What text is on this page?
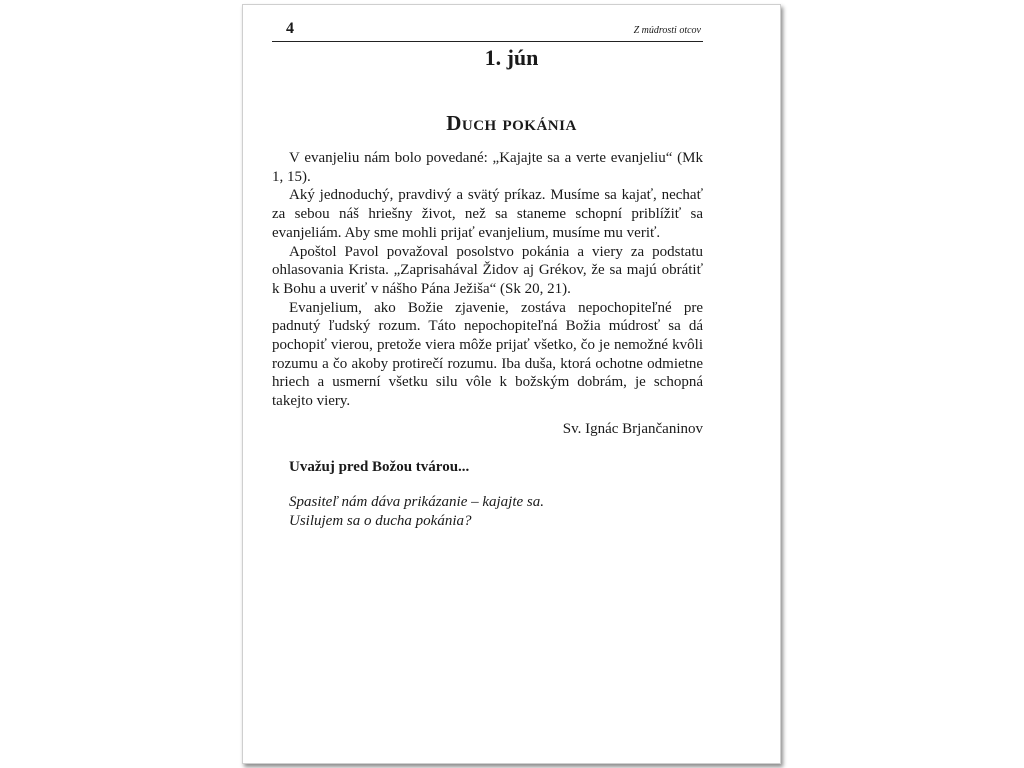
4	Z múdrosti otcov
1. jún
Duch pokánia

V evanjeliu nám bolo povedané: „Kajajte sa a verte evanjeliu“ (Mk 1, 15).

Aký jednoduchý, pravdivý a svätý príkaz. Musíme sa kajať, nechať za sebou náš hriešny život, než sa staneme schopní priblížiť sa evanjeliám. Aby sme mohli prijať evanjelium, musíme mu veriť.

Apoštol Pavol považoval posolstvo pokánia a viery za podstatu ohlasovania Krista. „Zaprisahával Židov aj Grékov, že sa majú obrátiť k Bohu a uveriť v nášho Pána Ježiša“ (Sk 20, 21).

Evanjelium, ako Božie zjavenie, zostáva nepochopiteľné pre padnutý ľudský rozum. Táto nepochopiteľná Božia múdrosť sa dá pochopiť vierou, pretože viera môže prijať všetko, čo je nemožné kvôli rozumu a čo akoby protirečí rozumu. Iba duša, ktorá ochotne odmietne hriech a usmerní všetku silu vôle k božským dobrám, je schopná takejto viery.

Sv. Ignác Brjančaninov
Uvažuj pred Božou tvárou...
Spasiteľ nám dáva prikázanie – kajajte sa.
Usilujem sa o ducha pokánia?
